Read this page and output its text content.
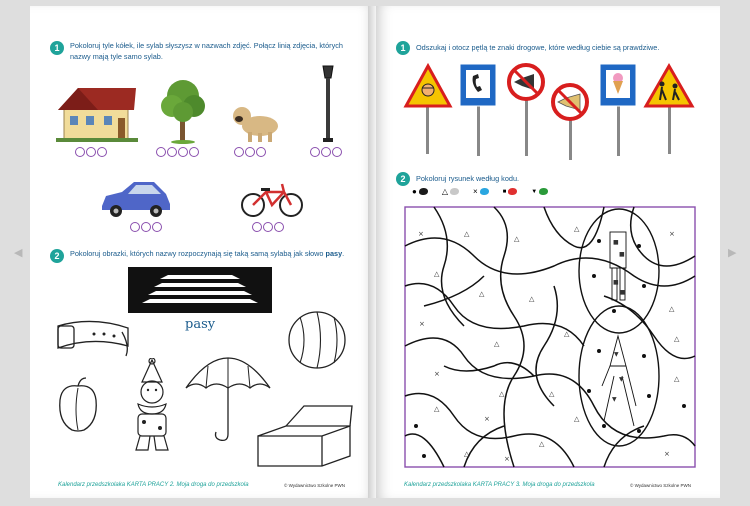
◀	▶
1	Pokoloruj tyle kółek, ile sylab słyszysz w nazwach zdjęć. Połącz linią zdjęcia, których
nazwy mają tyle samo sylab.
2	Pokoloruj obrazki, których nazwy rozpoczynają się taką samą sylabą jak słowo pasy.
pasy
Kalendarz przedszkolaka KARTA PRACY 2. Moja droga do przedszkola	© Wydawnictwo Szkolne PWN
1	Odszukaj i otocz pętlą te znaki drogowe, które według ciebie są prawdziwe.
2	Pokoloruj rysunek według kodu.
●	△	×	■	▼
×	△
△
△
×
△
△
△
△
×
△
△
△
×
△	△
△
△
×
△
△
×
△
×
■
■
■
■
▼
▼
▼
Kalendarz przedszkolaka KARTA PRACY 3. Moja droga do przedszkola	© Wydawnictwo Szkolne PWN
